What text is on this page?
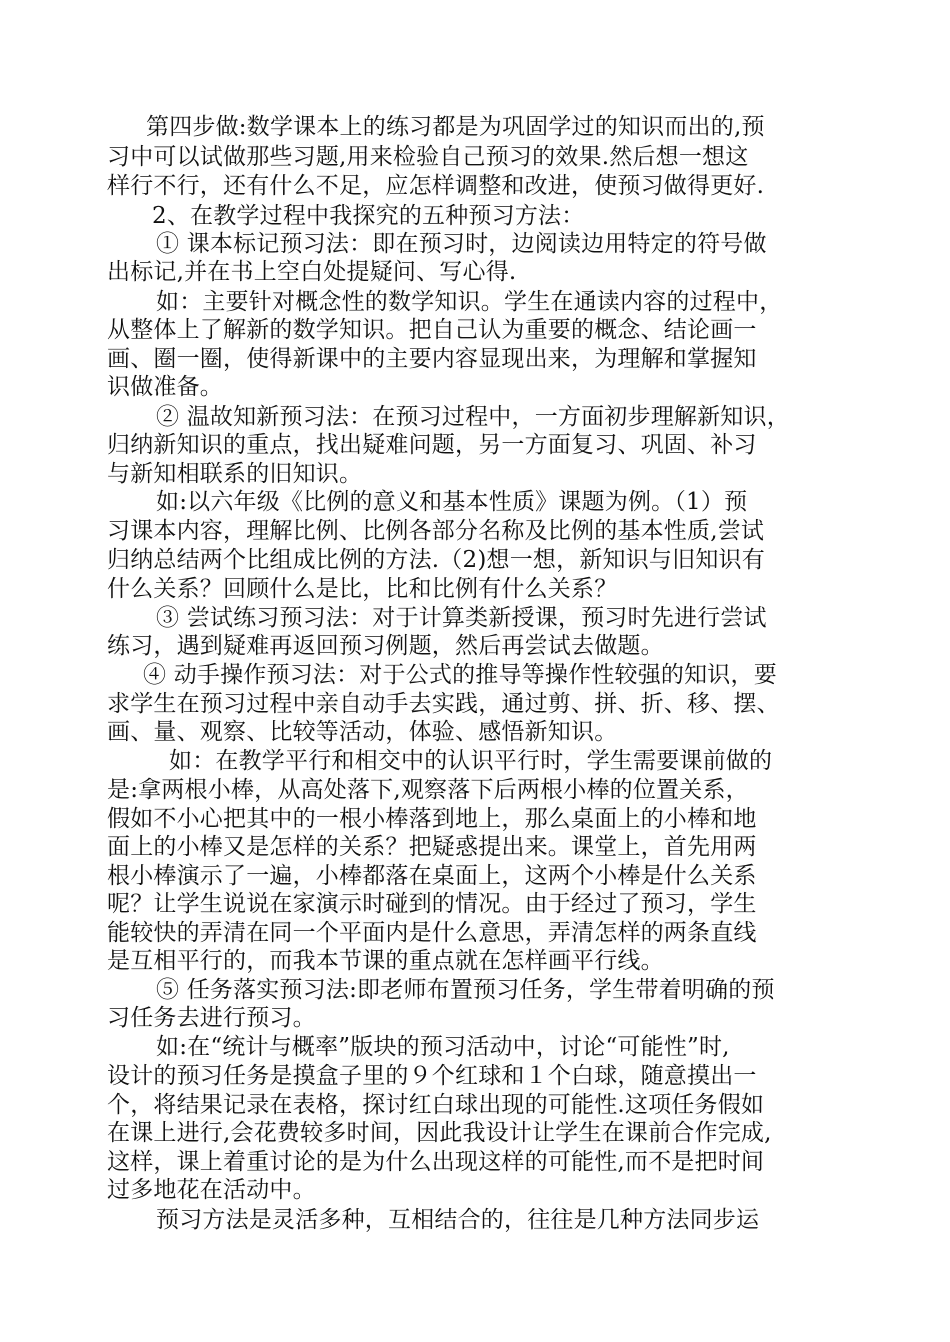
第四步做:数学课本上的练习都是为巩固学过的知识而出的,预
习中可以试做那些习题,用来检验自己预习的效果.然后想一想这
样行不行，还有什么不足，应怎样调整和改进，使预习做得更好.
2、在教学过程中我探究的五种预习方法：
① 课本标记预习法：即在预习时，边阅读边用特定的符号做
出标记,并在书上空白处提疑问、写心得.
如：主要针对概念性的数学知识。学生在通读内容的过程中，
从整体上了解新的数学知识。把自己认为重要的概念、结论画一
画、圈一圈，使得新课中的主要内容显现出来，为理解和掌握知
识做准备。
② 温故知新预习法：在预习过程中，一方面初步理解新知识，
归纳新知识的重点，找出疑难问题，另一方面复习、巩固、补习
与新知相联系的旧知识。
如:以六年级《比例的意义和基本性质》课题为例。（1）预
习课本内容，理解比例、比例各部分名称及比例的基本性质,尝试
归纳总结两个比组成比例的方法.（2)想一想，新知识与旧知识有
什么关系？回顾什么是比，比和比例有什么关系？
③ 尝试练习预习法：对于计算类新授课，预习时先进行尝试
练习，遇到疑难再返回预习例题，然后再尝试去做题。
④ 动手操作预习法：对于公式的推导等操作性较强的知识，要
求学生在预习过程中亲自动手去实践，通过剪、拼、折、移、摆、
画、量、观察、比较等活动，体验、感悟新知识。
如：在教学平行和相交中的认识平行时，学生需要课前做的
是:拿两根小棒，从高处落下,观察落下后两根小棒的位置关系，
假如不小心把其中的一根小棒落到地上，那么桌面上的小棒和地
面上的小棒又是怎样的关系？把疑惑提出来。课堂上，首先用两
根小棒演示了一遍，小棒都落在桌面上，这两个小棒是什么关系
呢？让学生说说在家演示时碰到的情况。由于经过了预习，学生
能较快的弄清在同一个平面内是什么意思，弄清怎样的两条直线
是互相平行的，而我本节课的重点就在怎样画平行线。
⑤ 任务落实预习法:即老师布置预习任务，学生带着明确的预
习任务去进行预习。
如:在“统计与概率”版块的预习活动中，讨论“可能性”时,
设计的预习任务是摸盒子里的９个红球和１个白球，随意摸出一
个，将结果记录在表格，探讨红白球出现的可能性.这项任务假如
在课上进行,会花费较多时间，因此我设计让学生在课前合作完成,
这样，课上着重讨论的是为什么出现这样的可能性,而不是把时间
过多地花在活动中。
预习方法是灵活多种，互相结合的，往往是几种方法同步运
